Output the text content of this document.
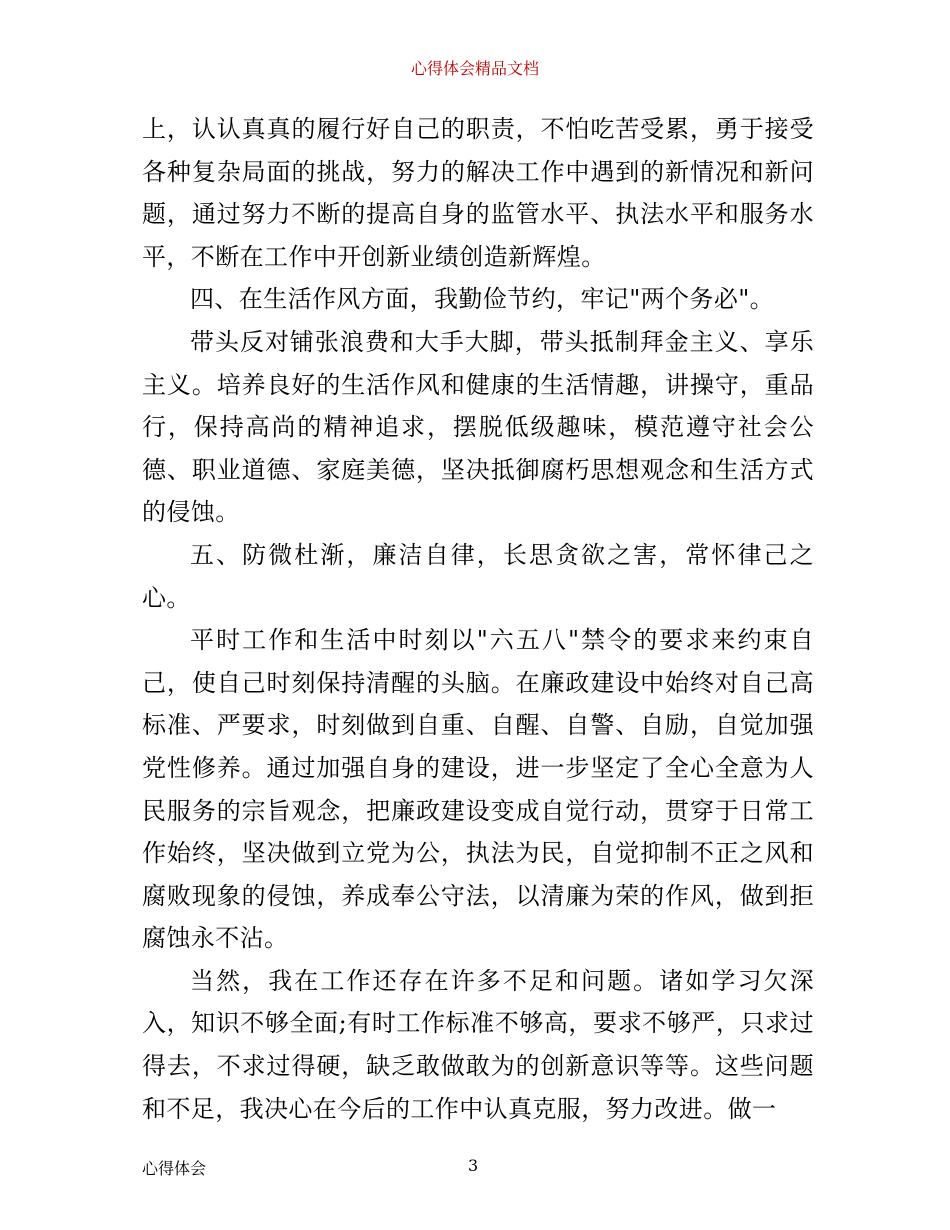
心得体会精品文档

上，认认真真的履行好自己的职责，不怕吃苦受累，勇于接受各种复杂局面的挑战，努力的解决工作中遇到的新情况和新问题，通过努力不断的提高自身的监管水平、执法水平和服务水平，不断在工作中开创新业绩创造新辉煌。

四、在生活作风方面，我勤俭节约，牢记"两个务必"。

带头反对铺张浪费和大手大脚，带头抵制拜金主义、享乐主义。培养良好的生活作风和健康的生活情趣，讲操守，重品行，保持高尚的精神追求，摆脱低级趣味，模范遵守社会公德、职业道德、家庭美德，坚决抵御腐朽思想观念和生活方式的侵蚀。

五、防微杜渐，廉洁自律，长思贪欲之害，常怀律己之心。

平时工作和生活中时刻以"六五八"禁令的要求来约束自己，使自己时刻保持清醒的头脑。在廉政建设中始终对自己高标准、严要求，时刻做到自重、自醒、自警、自励，自觉加强党性修养。通过加强自身的建设，进一步坚定了全心全意为人民服务的宗旨观念，把廉政建设变成自觉行动，贯穿于日常工作始终，坚决做到立党为公，执法为民，自觉抑制不正之风和腐败现象的侵蚀，养成奉公守法，以清廉为荣的作风，做到拒腐蚀永不沾。

当然，我在工作还存在许多不足和问题。诸如学习欠深入，知识不够全面;有时工作标准不够高，要求不够严，只求过得去，不求过得硬，缺乏敢做敢为的创新意识等等。这些问题和不足，我决心在今后的工作中认真克服，努力改进。做一

心得体会	3
